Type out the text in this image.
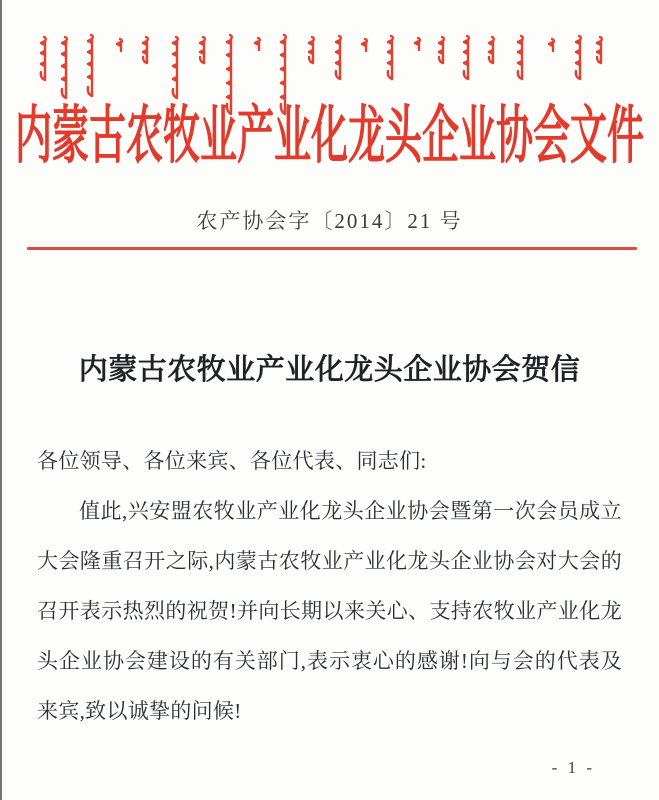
内蒙古农牧业产业化龙头企业协会文件
农产协会字〔2014〕21 号
内蒙古农牧业产业化龙头企业协会贺信

各位领导、各位来宾、各位代表、同志们:

值此,兴安盟农牧业产业化龙头企业协会暨第一次会员成立大会隆重召开之际,内蒙古农牧业产业化龙头企业协会对大会的召开表示热烈的祝贺!并向长期以来关心、支持农牧业产业化龙头企业协会建设的有关部门,表示衷心的感谢!向与会的代表及来宾,致以诚挚的问候!

- 1 -
